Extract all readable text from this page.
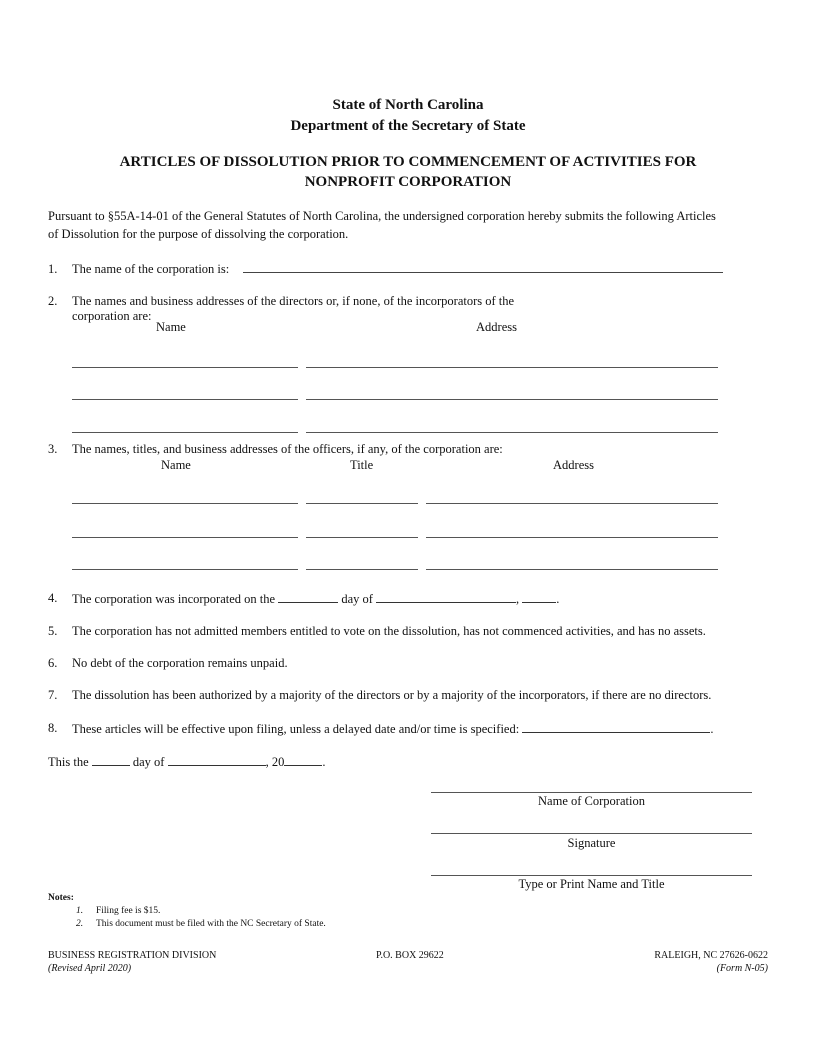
State of North Carolina
Department of the Secretary of State
ARTICLES OF DISSOLUTION PRIOR TO COMMENCEMENT OF ACTIVITIES FOR
NONPROFIT CORPORATION
Pursuant to §55A-14-01 of the General Statutes of North Carolina, the undersigned corporation hereby submits the following Articles
of Dissolution for the purpose of dissolving the corporation.
1. The name of the corporation is:
2. The names and business addresses of the directors or, if none, of the incorporators of the
corporation are:
Name	Address
3. The names, titles, and business addresses of the officers, if any, of the corporation are:
Name	Title	Address
4. The corporation was incorporated on the	day of	,	.
5. The corporation has not admitted members entitled to vote on the dissolution, has not commenced activities, and has no assets.
6. No debt of the corporation remains unpaid.
7. The dissolution has been authorized by a majority of the directors or by a majority of the incorporators, if there are no directors.
8. These articles will be effective upon filing, unless a delayed date and/or time is specified:	.
This the	day of	, 20	.
Name of Corporation
Signature
Type or Print Name and Title
Notes:
1. Filing fee is $15.
2. This document must be filed with the NC Secretary of State.
BUSINESS REGISTRATION DIVISION	P.O. BOX 29622	RALEIGH, NC 27626-0622
(Revised April 2020)	(Form N-05)
